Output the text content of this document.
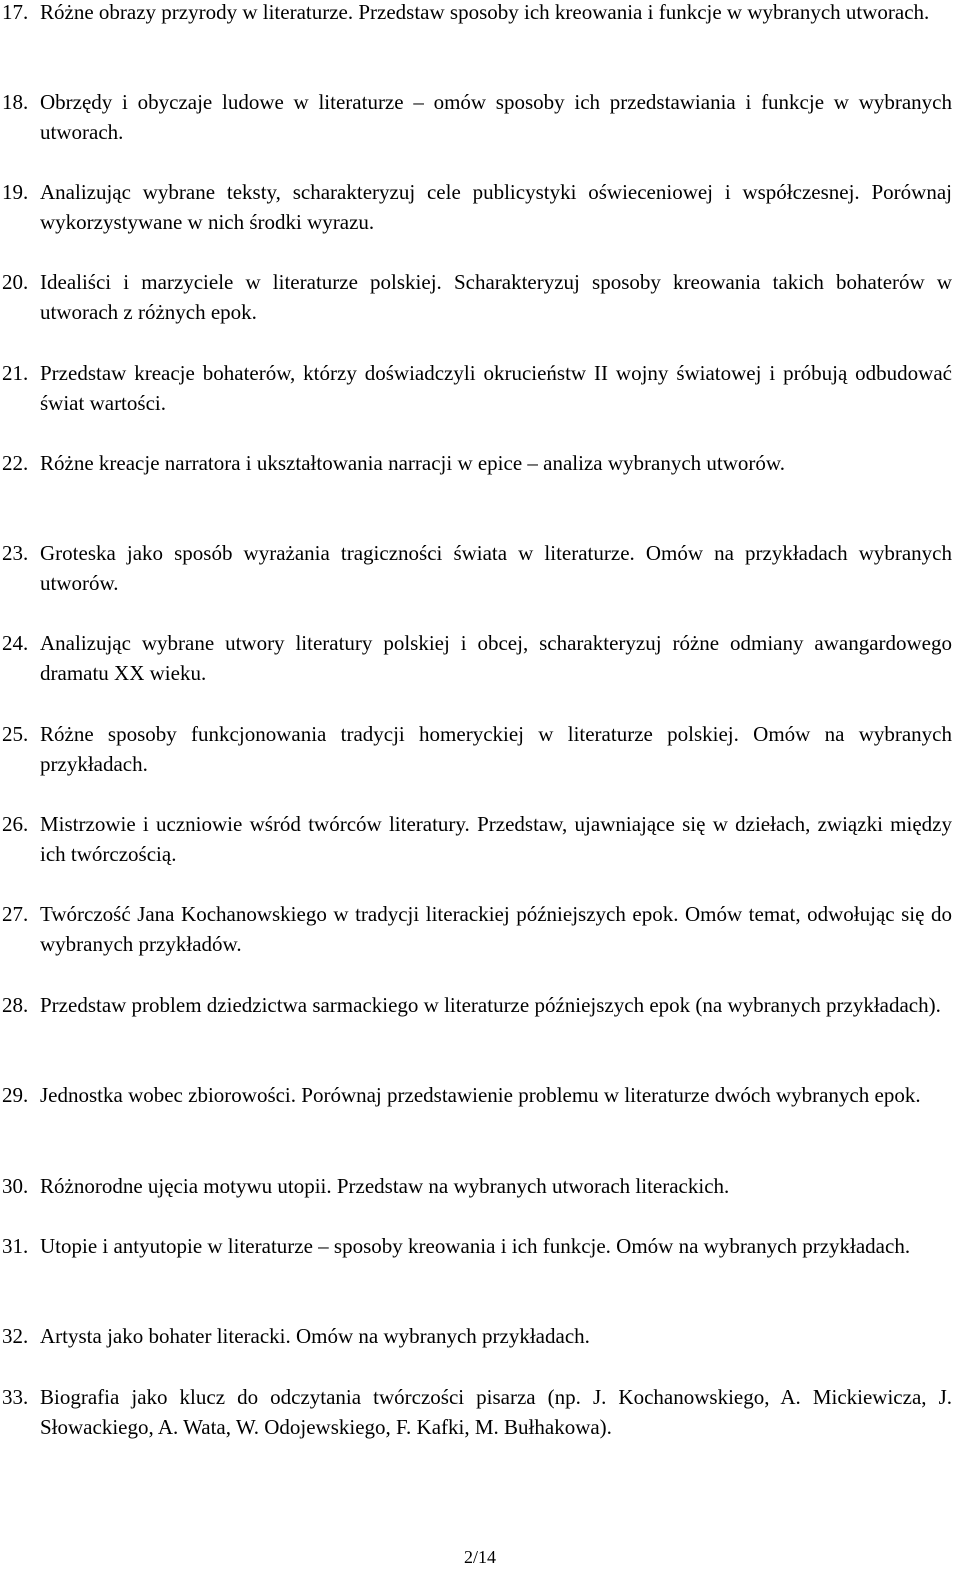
17. Różne obrazy przyrody w literaturze. Przedstaw sposoby ich kreowania i funkcje w wybranych utworach.
18. Obrzędy i obyczaje ludowe w literaturze – omów sposoby ich przedstawiania i funkcje w wybranych utworach.
19. Analizując wybrane teksty, scharakteryzuj cele publicystyki oświeceniowej i współczesnej. Porównaj wykorzystywane w nich środki wyrazu.
20. Idealiści i marzyciele w literaturze polskiej. Scharakteryzuj sposoby kreowania takich bohaterów w utworach z różnych epok.
21. Przedstaw kreacje bohaterów, którzy doświadczyli okrucieństw II wojny światowej i próbują odbudować świat wartości.
22. Różne kreacje narratora i ukształtowania narracji w epice – analiza wybranych utworów.
23. Groteska jako sposób wyrażania tragiczności świata w literaturze. Omów na przykładach wybranych utworów.
24. Analizując wybrane utwory literatury polskiej i obcej, scharakteryzuj różne odmiany awangardowego dramatu XX wieku.
25. Różne sposoby funkcjonowania tradycji homeryckiej w literaturze polskiej. Omów na wybranych przykładach.
26. Mistrzowie i uczniowie wśród twórców literatury. Przedstaw, ujawniające się w dziełach, związki między ich twórczością.
27. Twórczość Jana Kochanowskiego w tradycji literackiej późniejszych epok. Omów temat, odwołując się do wybranych przykładów.
28. Przedstaw problem dziedzictwa sarmackiego w literaturze późniejszych epok (na wybranych przykładach).
29. Jednostka wobec zbiorowości. Porównaj przedstawienie problemu w literaturze dwóch wybranych epok.
30. Różnorodne ujęcia motywu utopii. Przedstaw na wybranych utworach literackich.
31. Utopie i antyutopie w literaturze – sposoby kreowania i ich funkcje. Omów na wybranych przykładach.
32. Artysta jako bohater literacki. Omów na wybranych przykładach.
33. Biografia jako klucz do odczytania twórczości pisarza (np. J. Kochanowskiego, A. Mickiewicza, J. Słowackiego, A. Wata, W. Odojewskiego, F. Kafki, M. Bułhakowa).
2/14
